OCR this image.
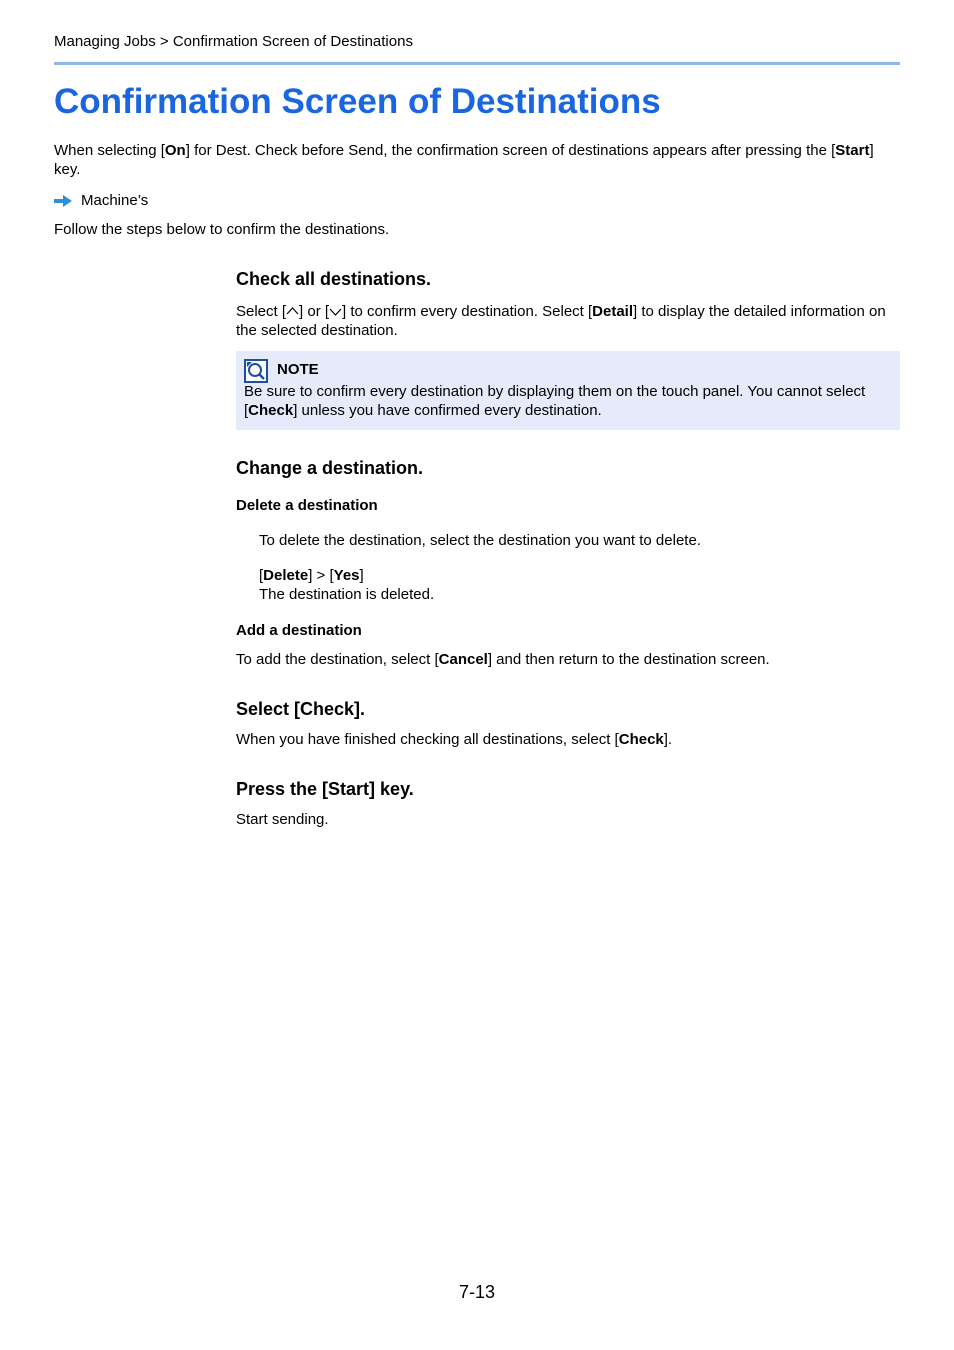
Managing Jobs > Confirmation Screen of Destinations
Confirmation Screen of Destinations
When selecting [On] for Dest. Check before Send, the confirmation screen of destinations appears after pressing the [Start] key.
Machine’s
Follow the steps below to confirm the destinations.
Check all destinations.
Select [ ] or [ ] to confirm every destination. Select [Detail] to display the detailed information on the selected destination.
NOTE
Be sure to confirm every destination by displaying them on the touch panel. You cannot select [Check] unless you have confirmed every destination.
Change a destination.
Delete a destination
To delete the destination, select the destination you want to delete.
[Delete] > [Yes]
The destination is deleted.
Add a destination
To add the destination, select [Cancel] and then return to the destination screen.
Select [Check].
When you have finished checking all destinations, select [Check].
Press the [Start] key.
Start sending.
7-13
